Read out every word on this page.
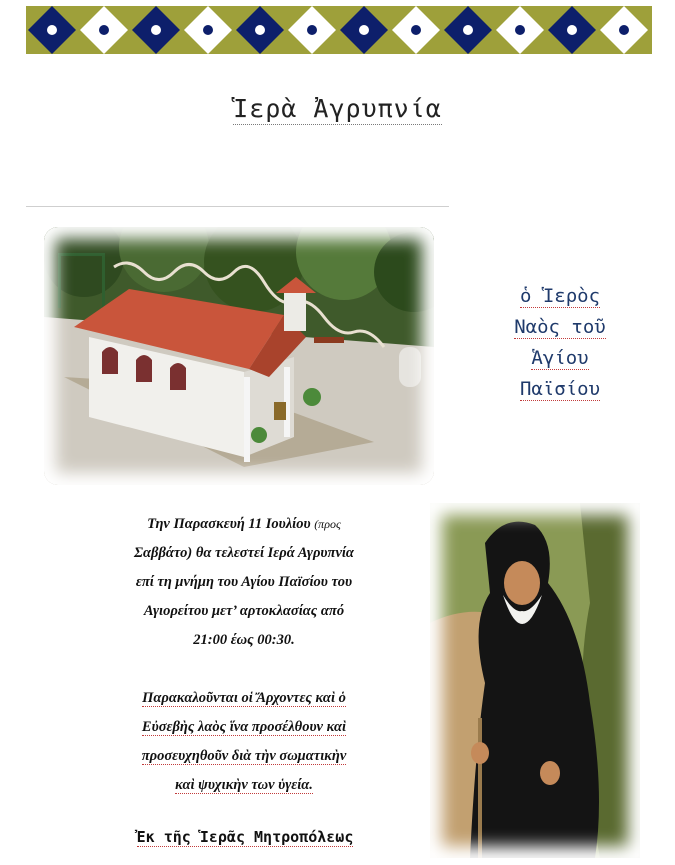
Ἱερὰ Ἀγρυπνία
ὁ Ἱερὸς
Ναὸς τοῦ
Ἁγίου
Παϊσίου
Την Παρασκευή 11 Ιουλίου (προς
Σαββάτο) θα τελεστεί Ιερά Αγρυπνία
επί τη μνήμη του Αγίου Παϊσίου του
Αγιορείτου μετ’ αρτοκλασίας από
21:00 έως 00:30.
Παρακαλοῦνται οἱ Ἄρχοντες καὶ ὁ
Εὐσεβὴς λαὸς ἵνα προσέλθουν καὶ
προσευχηθοῦν διὰ τὴν σωματικὴν
καὶ ψυχικὴν των ὑγεία.
Ἐκ τῆς Ἱερᾶς Μητροπόλεως
